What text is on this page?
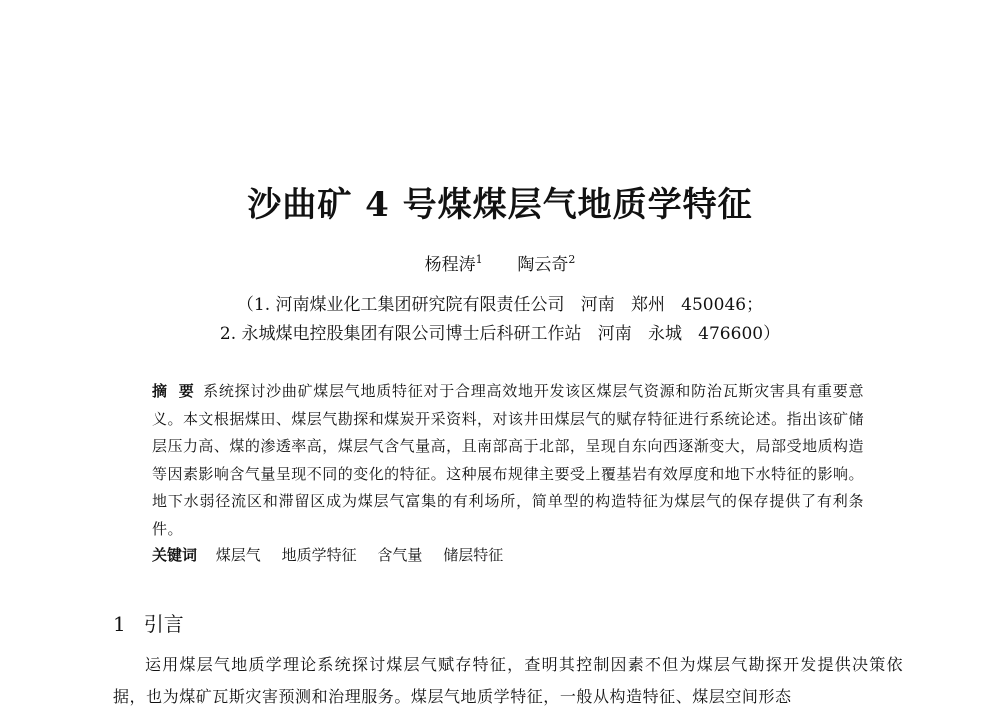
沙曲矿 4 号煤煤层气地质学特征
杨程涛$^1$ 陶云奇$^2$
（1. 河南煤业化工集团研究院有限责任公司   河南   郑州   450046；
2. 永城煤电控股集团有限公司博士后科研工作站   河南   永城   476600）
摘 要 系统探讨沙曲矿煤层气地质特征对于合理高效地开发该区煤层气资源和防治瓦斯灾害具有重要意义。本文根据煤田、煤层气勘探和煤炭开采资料，对该井田煤层气的赋存特征进行系统论述。指出该矿储层压力高、煤的渗透率高，煤层气含气量高，且南部高于北部，呈现自东向西逐渐变大，局部受地质构造等因素影响含气量呈现不同的变化的特征。这种展布规律主要受上覆基岩有效厚度和地下水特征的影响。地下水弱径流区和滞留区成为煤层气富集的有利场所，简单型的构造特征为煤层气的保存提供了有利条件。
关键词 煤层气 地质学特征 含气量 储层特征
1 引言
运用煤层气地质学理论系统探讨煤层气赋存特征，查明其控制因素不但为煤层气勘探开发提供决策依据，也为煤矿瓦斯灾害预测和治理服务。煤层气地质学特征，一般从构造特征、煤层空间形态
